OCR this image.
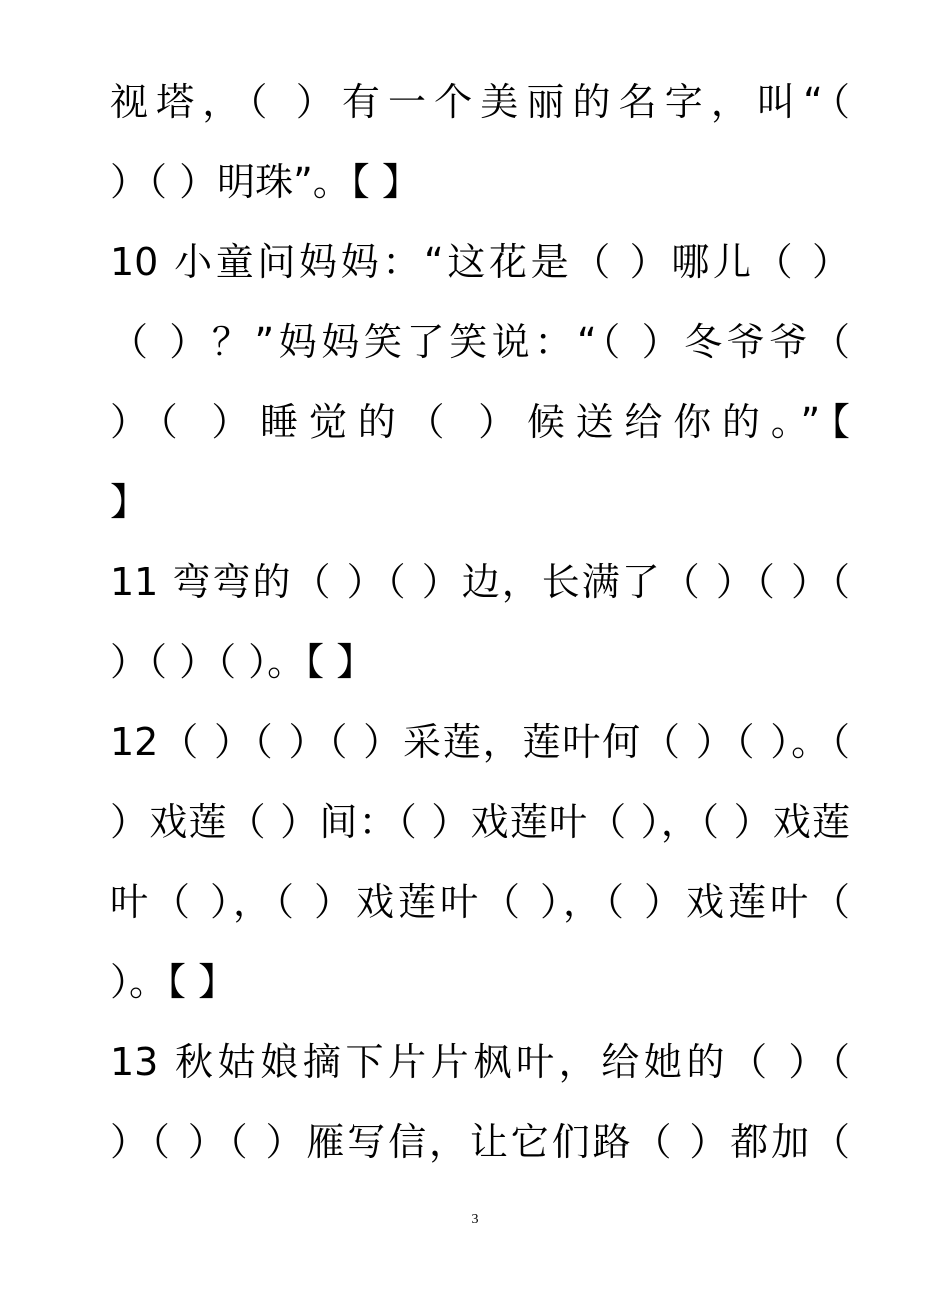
视塔，（ ）有一个美丽的名字，叫“（
）（ ）明珠”。【 】
10 小童问妈妈：“这花是（ ）哪儿（ ）
（ ）？”妈妈笑了笑说：“（ ）冬爷爷（
）（ ）睡觉的（ ）候送给你的。”【
】
11 弯弯的（ ）（ ）边，长满了（ ）（ ）（
）（ ）（ ）。【 】
12（ ）（ ）（ ）采莲，莲叶何（ ）（ ）。（
）戏莲（ ）间：（ ）戏莲叶（ ），（ ）戏莲
叶（ ），（ ）戏莲叶（ ），（ ）戏莲叶（
）。【 】
13 秋姑娘摘下片片枫叶，给她的（ ）（
）（ ）（ ）雁写信，让它们路（ ）都加（
3
